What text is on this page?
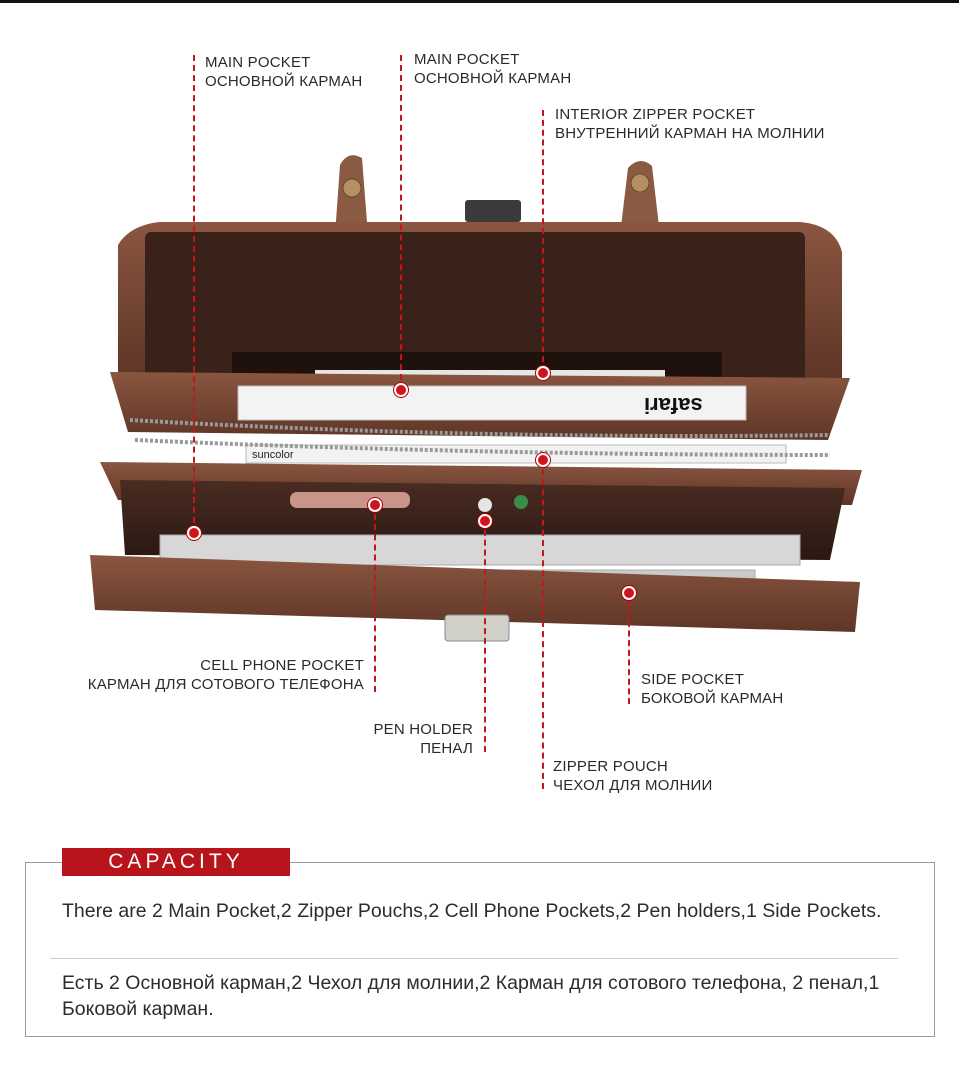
safari
suncolor
MAIN POCKET
ОСНОВНОЙ КАРМАН
MAIN POCKET
ОСНОВНОЙ КАРМАН
INTERIOR ZIPPER POCKET
ВНУТРЕННИЙ КАРМАН НА МОЛНИИ
CELL PHONE POCKET
КАРМАН ДЛЯ СОТОВОГО ТЕЛЕФОНА
PEN HOLDER
ПЕНАЛ
SIDE POCKET
БОКОВОЙ КАРМАН
ZIPPER POUCH
ЧЕХОЛ ДЛЯ МОЛНИИ
CAPACITY
There are 2 Main Pocket,2 Zipper Pouchs,2 Cell Phone Pockets,2 Pen holders,1 Side Pockets.
Есть 2 Основной карман,2 Чехол для молнии,2 Карман для сотового телефона, 2 пенал,1 Боковой карман.
